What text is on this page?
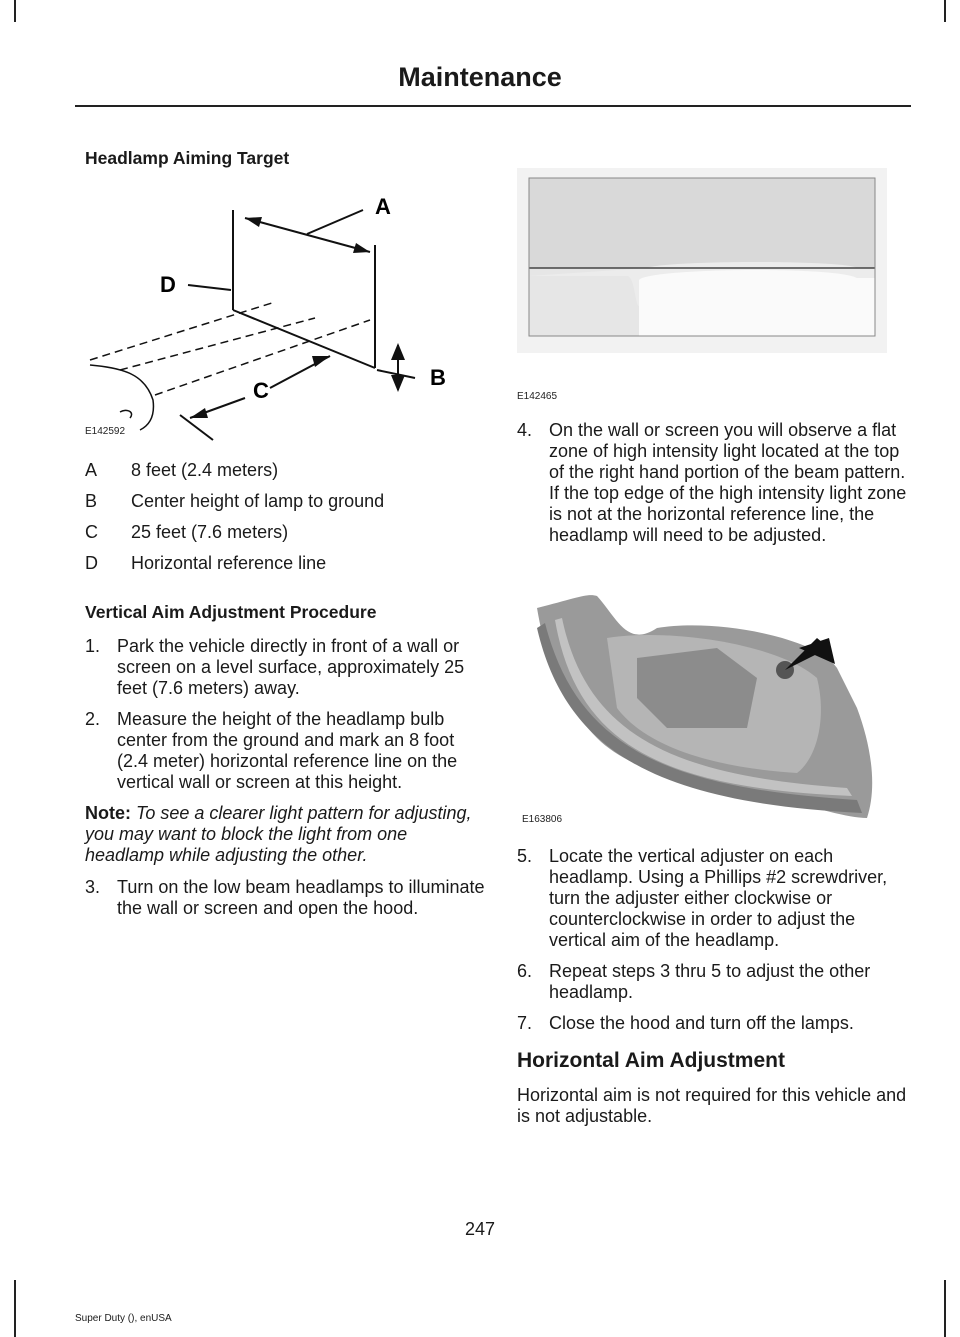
Maintenance

Headlamp Aiming Target

A
D
B
C
E142592
A	8 feet (2.4 meters)
B	Center height of lamp to ground
C	25 feet (7.6 meters)
D	Horizontal reference line

Vertical Aim Adjustment Procedure

1. Park the vehicle directly in front of a wall or screen on a level surface, approximately 25 feet (7.6 meters) away.
2. Measure the height of the headlamp bulb center from the ground and mark an 8 foot (2.4 meter) horizontal reference line on the vertical wall or screen at this height.
Note: To see a clearer light pattern for adjusting, you may want to block the light from one headlamp while adjusting the other.
3. Turn on the low beam headlamps to illuminate the wall or screen and open the hood.
E142465
4. On the wall or screen you will observe a flat zone of high intensity light located at the top of the right hand portion of the beam pattern. If the top edge of the high intensity light zone is not at the horizontal reference line, the headlamp will need to be adjusted.
E163806
5. Locate the vertical adjuster on each headlamp. Using a Phillips #2 screwdriver, turn the adjuster either clockwise or counterclockwise in order to adjust the vertical aim of the headlamp.
6. Repeat steps 3 thru 5 to adjust the other headlamp.
7. Close the hood and turn off the lamps.

Horizontal Aim Adjustment

Horizontal aim is not required for this vehicle and is not adjustable.

247
Super Duty (), enUSA
